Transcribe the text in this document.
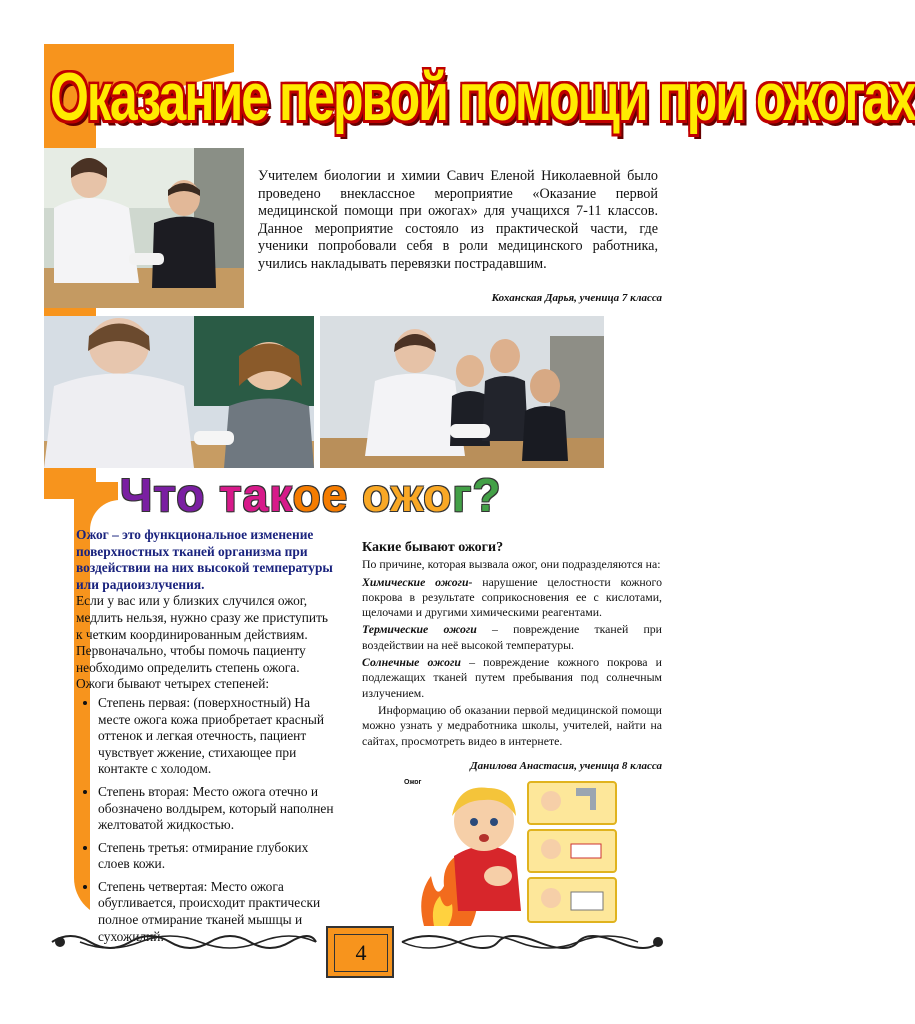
Оказание первой помощи при ожогах
Учителем биологии и химии Савич Еленой Николаевной было проведено внеклассное мероприятие «Оказание первой медицинской помощи при ожогах» для учащихся 7-11 классов. Данное мероприятие состояло из практической части, где ученики попробовали себя в роли медицинского работника, учились накладывать перевязки пострадавшим.
Коханская Дарья, ученица 7 класса
Что такое ожог?

Ожог – это функциональное изменение поверхностных тканей организма при воздействии на них высокой температуры или радиоизлучения.

Если у вас или у близких случился ожог, медлить нельзя, нужно сразу же приступить к четким координированным действиям.

Первоначально, чтобы помочь пациенту необходимо определить степень ожога.

Ожоги бывают четырех степеней:

• Степень первая: (поверхностный) На месте ожога кожа приобретает красный оттенок и легкая отечность, пациент чувствует жжение, стихающее при контакте с холодом.
• Степень вторая: Место ожога отечно и обозначено волдырем, который наполнен желтоватой жидкостью.
• Степень третья: отмирание глубоких слоев кожи.
• Степень четвертая: Место ожога обугливается, происходит практически полное отмирание тканей мышцы и сухожилий.
Какие бывают ожоги?

По причине, которая вызвала ожог, они подразделяются на:

Химические ожоги- нарушение целостности кожного покрова в результате соприкосновения ее с кислотами, щелочами и другими химическими реагентами.

Термические ожоги – повреждение тканей при воздействии на неё высокой температуры.

Солнечные ожоги – повреждение кожного покрова и подлежащих тканей путем пребывания под солнечным излучением.

Информацию об оказании первой медицинской помощи можно узнать у медработника школы, учителей, найти на сайтах, просмотреть видео в интернете.

Данилова Анастасия, ученица 8 класса
Ожог
4
